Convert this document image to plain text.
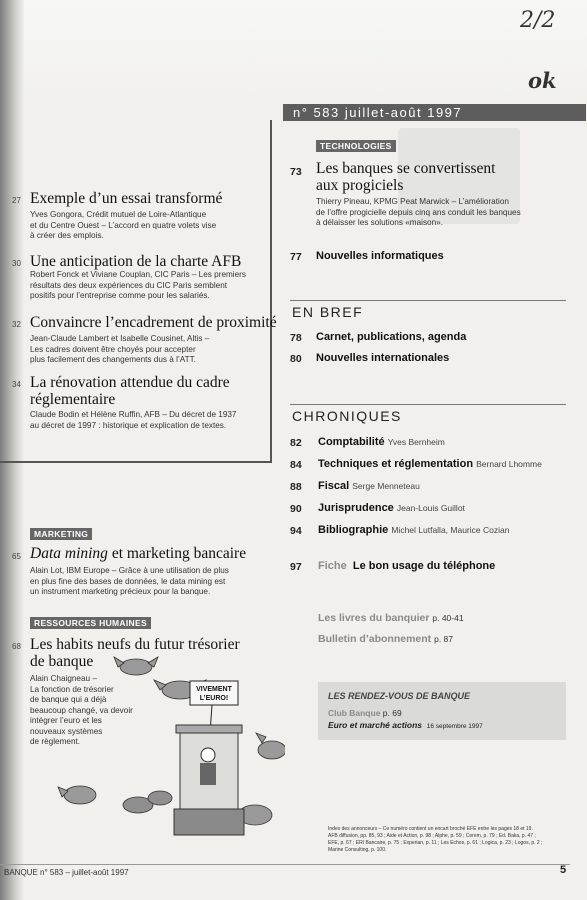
2/2
ok
n° 583 juillet-août 1997
27 Exemple d’un essai transformé
Yves Gongora, Crédit mutuel de Loire-Atlantique
et du Centre Ouest – L’accord en quatre volets vise
à créer des emplois.
30 Une anticipation de la charte AFB
Robert Fonck et Viviane Couplan, CIC Paris – Les premiers
résultats des deux expériences du CIC Paris semblent
positifs pour l’entreprise comme pour les salariés.
32 Convaincre l’encadrement de proximité
Jean-Claude Lambert et Isabelle Cousinet, Altis –
Les cadres doivent être choyés pour accepter
plus facilement des changements dus à l’ATT.
34 La rénovation attendue du cadre
réglementaire
Claude Bodin et Hélène Ruffin, AFB – Du décret de 1937
au décret de 1997 : historique et explication de textes.
MARKETING
65 Data mining et marketing bancaire
Alain Lot, IBM Europe – Grâce à une utilisation de plus
en plus fine des bases de données, le data mining est
un instrument marketing précieux pour la banque.
RESSOURCES HUMAINES
68 Les habits neufs du futur trésorier
de banque
Alain Chaigneau –
La fonction de trésorier
de banque qui a déjà
beaucoup changé, va devoir
intégrer l’euro et les
nouveaux systèmes
de règlement.
VIVEMENT
L’EURO!
TECHNOLOGIES
73 Les banques se convertissent
aux progiciels
Thierry Pineau, KPMG Peat Marwick – L’amélioration
de l’offre progicielle depuis cinq ans conduit les banques
à délaisser les solutions «maison».
77 Nouvelles informatiques
EN BREF
78 Carnet, publications, agenda
80 Nouvelles internationales
CHRONIQUES
82 Comptabilité Yves Bernheim
84 Techniques et réglementation Bernard Lhomme
88 Fiscal Serge Menneteau
90 Jurisprudence Jean-Louis Guillot
94 Bibliographie Michel Lutfalla, Maurice Cozian
97 Fiche Le bon usage du téléphone
Les livres du banquier p. 40-41
Bulletin d’abonnement p. 87
LES RENDEZ-VOUS DE BANQUE
Club Banque p. 69
Euro et marché actions 16 septembre 1997
Index des annonceurs – Ce numéro contient un encart broché EFE entre les pages 18 et 19.
AFB diffusion, pp. 85, 93 ; Aide et Action, p. 98 ; Alphe, p. 59 ; Cerem, p. 79 ; Ed. Baka, p. 47 ;
EFE, p. 67 ; ERI Bancaire, p. 75 ; Experian, p. 11 ; Les Echos, p. 61 ; Logica, p. 23 ; Logos, p. 2 ;
Marine Consulting, p. 100.
BANQUE n° 583 – juillet-août 1997	5
